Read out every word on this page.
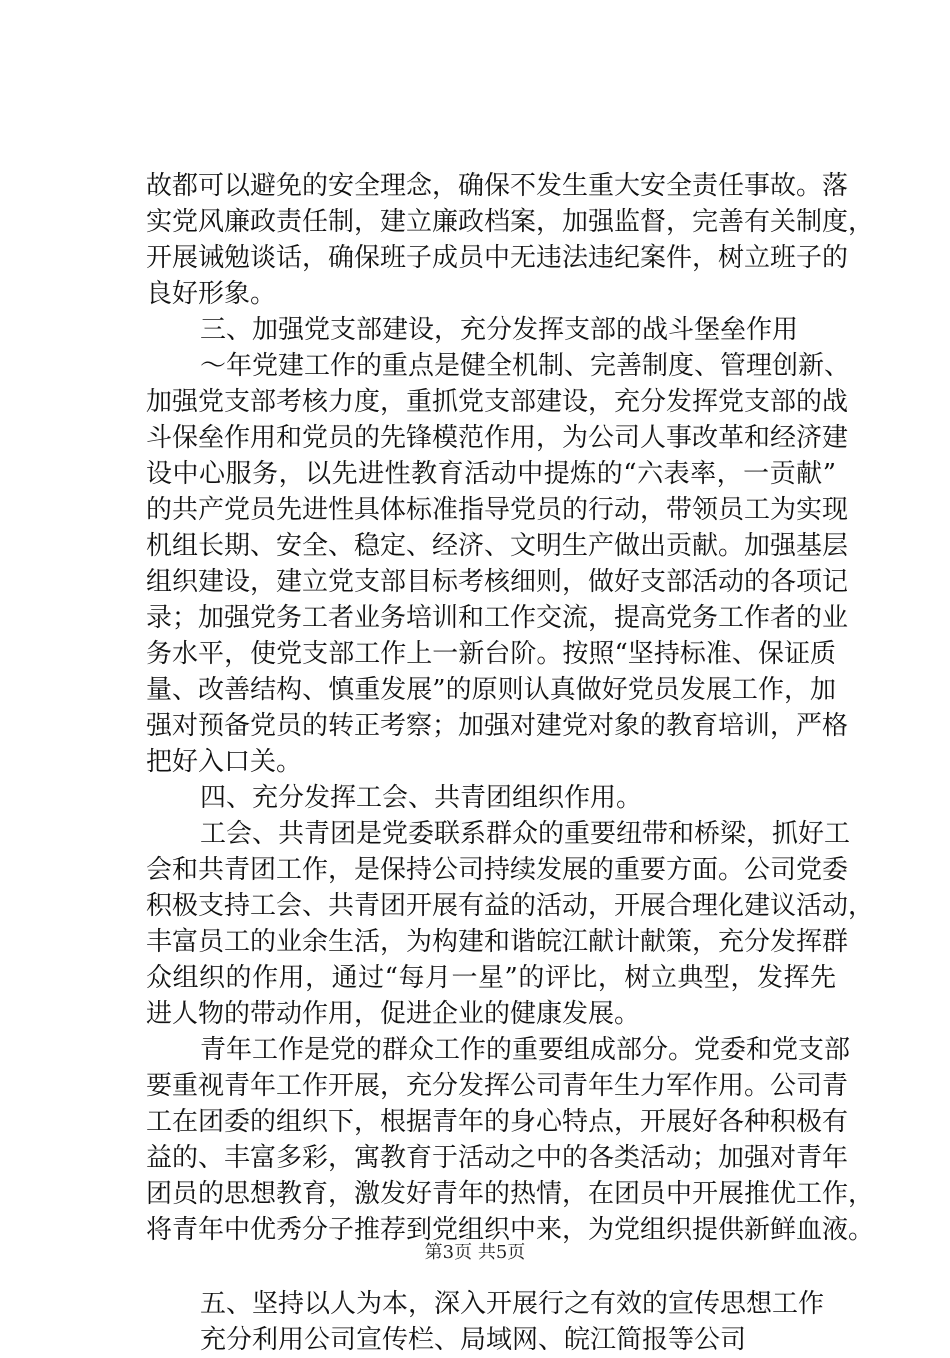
故都可以避免的安全理念，确保不发生重大安全责任事故。落
实党风廉政责任制，建立廉政档案，加强监督，完善有关制度，
开展诫勉谈话，确保班子成员中无违法违纪案件，树立班子的
良好形象。
三、加强党支部建设，充分发挥支部的战斗堡垒作用
～年党建工作的重点是健全机制、完善制度、管理创新、
加强党支部考核力度，重抓党支部建设，充分发挥党支部的战
斗保垒作用和党员的先锋模范作用，为公司人事改革和经济建
设中心服务，以先进性教育活动中提炼的“六表率，一贡献”
的共产党员先进性具体标准指导党员的行动，带领员工为实现
机组长期、安全、稳定、经济、文明生产做出贡献。加强基层
组织建设，建立党支部目标考核细则，做好支部活动的各项记
录；加强党务工者业务培训和工作交流，提高党务工作者的业
务水平，使党支部工作上一新台阶。按照“坚持标准、保证质
量、改善结构、慎重发展”的原则认真做好党员发展工作，加
强对预备党员的转正考察；加强对建党对象的教育培训，严格
把好入口关。
四、充分发挥工会、共青团组织作用。
工会、共青团是党委联系群众的重要纽带和桥梁，抓好工
会和共青团工作，是保持公司持续发展的重要方面。公司党委
积极支持工会、共青团开展有益的活动，开展合理化建议活动，
丰富员工的业余生活，为构建和谐皖江献计献策，充分发挥群
众组织的作用，通过“每月一星”的评比，树立典型，发挥先
进人物的带动作用，促进企业的健康发展。
青年工作是党的群众工作的重要组成部分。党委和党支部
要重视青年工作开展，充分发挥公司青年生力军作用。公司青
工在团委的组织下，根据青年的身心特点，开展好各种积极有
益的、丰富多彩，寓教育于活动之中的各类活动；加强对青年
团员的思想教育，激发好青年的热情，在团员中开展推优工作，
将青年中优秀分子推荐到党组织中来，为党组织提供新鲜血液。
五、坚持以人为本，深入开展行之有效的宣传思想工作
充分利用公司宣传栏、局域网、皖江简报等公司
第3页 共5页
